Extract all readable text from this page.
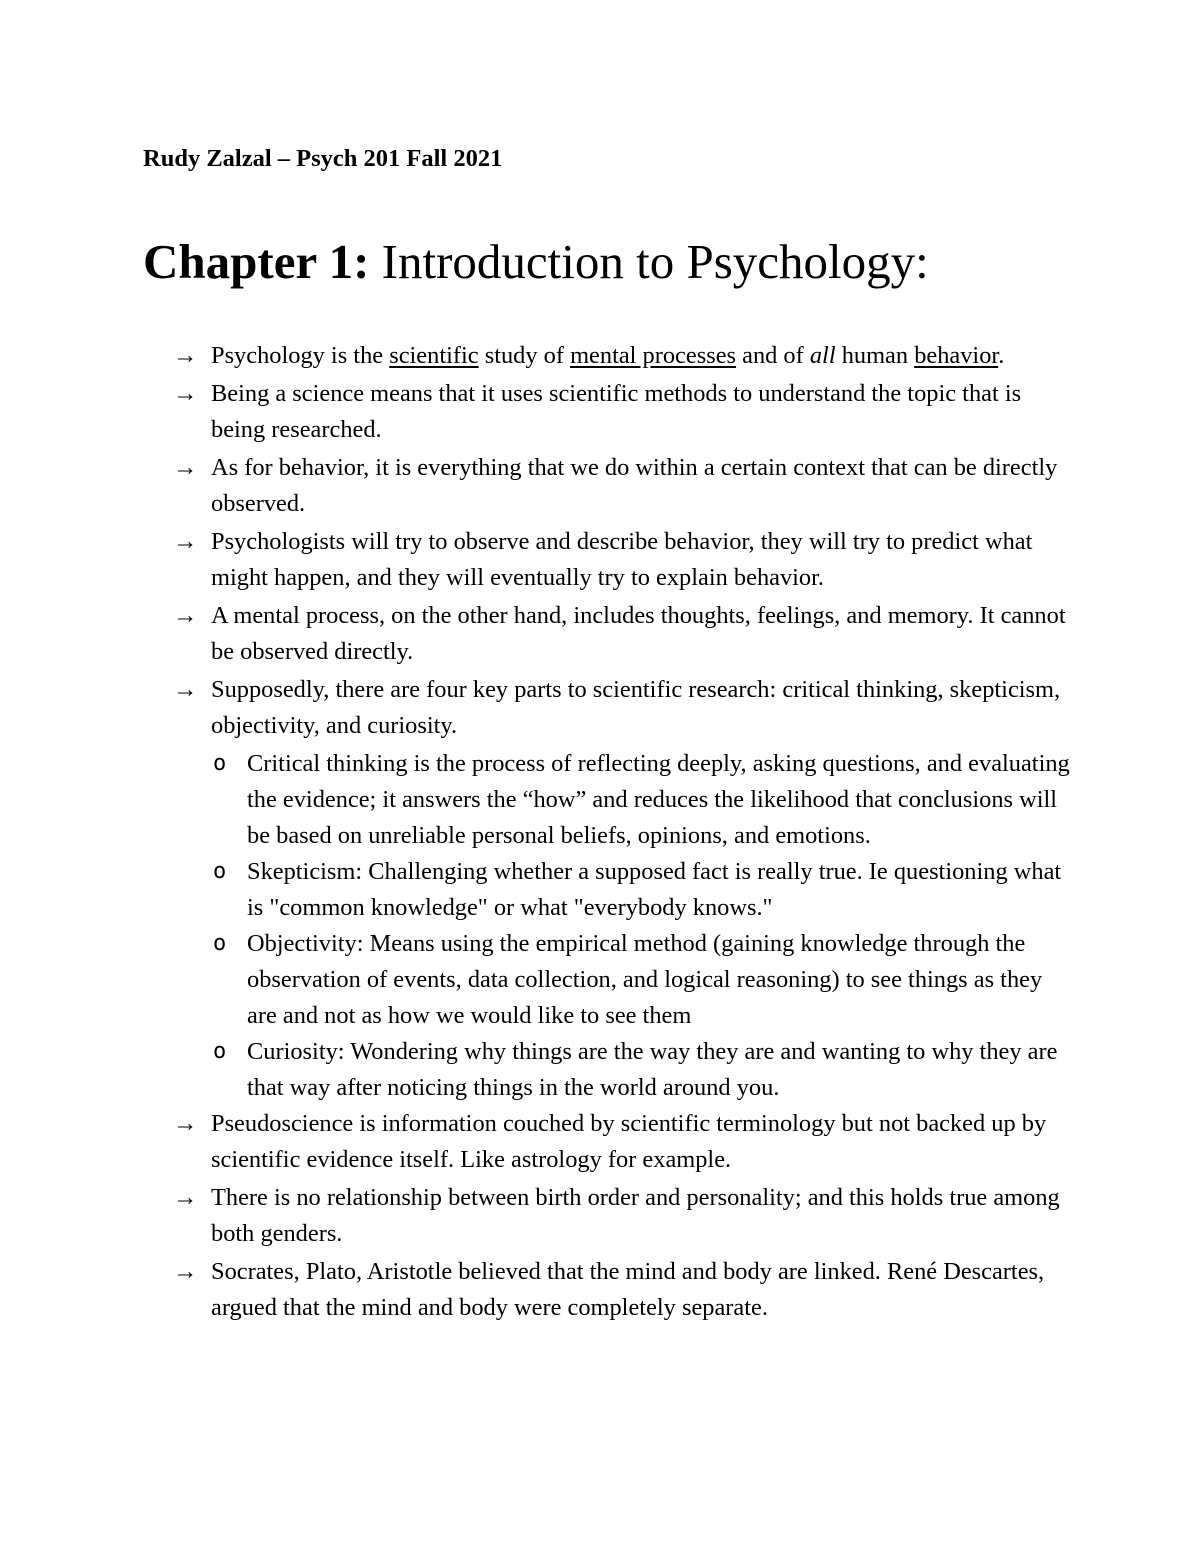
Rudy Zalzal – Psych 201 Fall 2021
Chapter 1: Introduction to Psychology:
→ Psychology is the scientific study of mental processes and of all human behavior.
→ Being a science means that it uses scientific methods to understand the topic that is being researched.
→ As for behavior, it is everything that we do within a certain context that can be directly observed.
→ Psychologists will try to observe and describe behavior, they will try to predict what might happen, and they will eventually try to explain behavior.
→ A mental process, on the other hand, includes thoughts, feelings, and memory. It cannot be observed directly.
→ Supposedly, there are four key parts to scientific research: critical thinking, skepticism, objectivity, and curiosity.
o Critical thinking is the process of reflecting deeply, asking questions, and evaluating the evidence; it answers the “how” and reduces the likelihood that conclusions will be based on unreliable personal beliefs, opinions, and emotions.
o Skepticism: Challenging whether a supposed fact is really true. Ie questioning what is "common knowledge" or what "everybody knows."
o Objectivity: Means using the empirical method (gaining knowledge through the observation of events, data collection, and logical reasoning) to see things as they are and not as how we would like to see them
o Curiosity: Wondering why things are the way they are and wanting to why they are that way after noticing things in the world around you.
→ Pseudoscience is information couched by scientific terminology but not backed up by scientific evidence itself. Like astrology for example.
→ There is no relationship between birth order and personality; and this holds true among both genders.
→ Socrates, Plato, Aristotle believed that the mind and body are linked. René Descartes, argued that the mind and body were completely separate.
